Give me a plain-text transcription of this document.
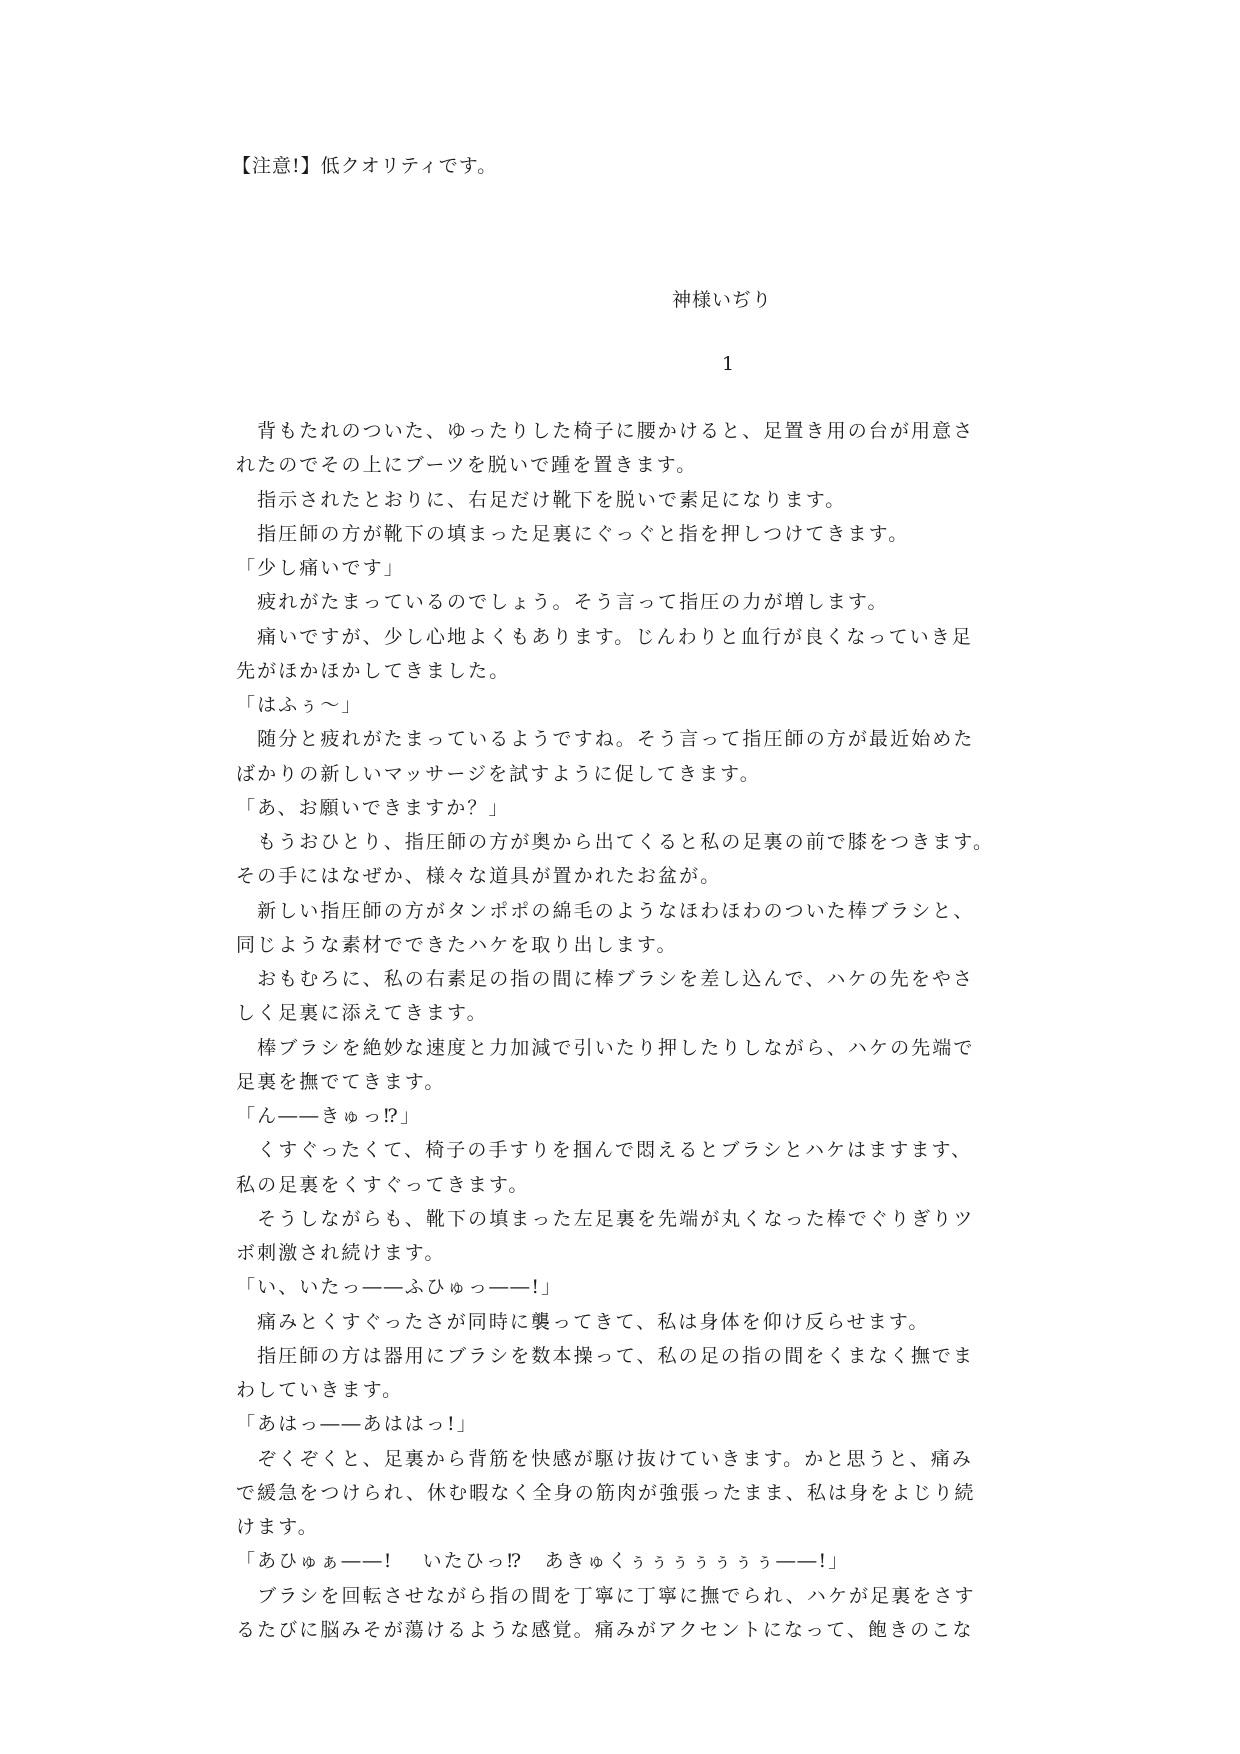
【注意!】低クオリティです。
神様いぢり
1
　背もたれのついた、ゆったりした椅子に腰かけると、足置き用の台が用意さ
れたのでその上にブーツを脱いで踵を置きます。
　指示されたとおりに、右足だけ靴下を脱いで素足になります。
　指圧師の方が靴下の填まった足裏にぐっぐと指を押しつけてきます。
「少し痛いです」
　疲れがたまっているのでしょう。そう言って指圧の力が増します。
　痛いですが、少し心地よくもあります。じんわりと血行が良くなっていき足
先がほかほかしてきました。
「はふぅ～」
　随分と疲れがたまっているようですね。そう言って指圧師の方が最近始めた
ばかりの新しいマッサージを試すように促してきます。
「あ、お願いできますか？」
　もうおひとり、指圧師の方が奥から出てくると私の足裏の前で膝をつきます。
その手にはなぜか、様々な道具が置かれたお盆が。
　新しい指圧師の方がタンポポの綿毛のようなほわほわのついた棒ブラシと、
同じような素材でできたハケを取り出します。
　おもむろに、私の右素足の指の間に棒ブラシを差し込んで、ハケの先をやさ
しく足裏に添えてきます。
　棒ブラシを絶妙な速度と力加減で引いたり押したりしながら、ハケの先端で
足裏を撫でてきます。
「ん――きゅっ⁉」
　くすぐったくて、椅子の手すりを掴んで悶えるとブラシとハケはますます、
私の足裏をくすぐってきます。
　そうしながらも、靴下の填まった左足裏を先端が丸くなった棒でぐりぎりツ
ボ刺激され続けます。
「い、いたっ――ふひゅっ――!」
　痛みとくすぐったさが同時に襲ってきて、私は身体を仰け反らせます。
　指圧師の方は器用にブラシを数本操って、私の足の指の間をくまなく撫でま
わしていきます。
「あはっ――あははっ!」
　ぞくぞくと、足裏から背筋を快感が駆け抜けていきます。かと思うと、痛み
で緩急をつけられ、休む暇なく全身の筋肉が強張ったまま、私は身をよじり続
けます。
「あひゅぁ――!　 いたひっ⁉　あきゅくぅぅぅぅぅぅぅ――!」
　ブラシを回転させながら指の間を丁寧に丁寧に撫でられ、ハケが足裏をさす
るたびに脳みそが蕩けるような感覚。痛みがアクセントになって、飽きのこな
